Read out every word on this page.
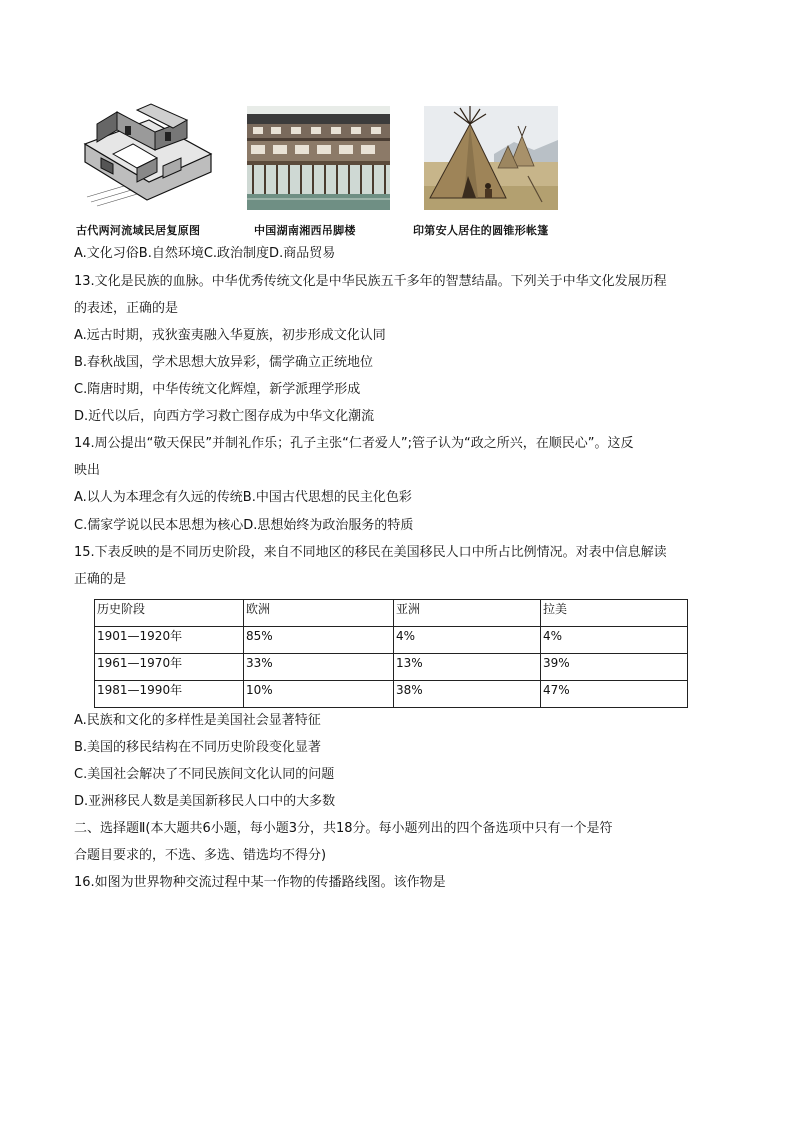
古代两河流域民居复原图	中国湖南湘西吊脚楼	印第安人居住的圆锥形帐篷
A.文化习俗B.自然环境C.政治制度D.商品贸易
13.文化是民族的血脉。中华优秀传统文化是中华民族五千多年的智慧结晶。下列关于中华文化发展历程
的表述，正确的是
A.远古时期，戎狄蛮夷融入华夏族，初步形成文化认同
B.春秋战国，学术思想大放异彩，儒学确立正统地位
C.隋唐时期，中华传统文化辉煌，新学派理学形成
D.近代以后，向西方学习救亡图存成为中华文化潮流
14.周公提出“敬天保民”并制礼作乐；孔子主张“仁者爱人”;管子认为“政之所兴，在顺民心”。这反
映出
A.以人为本理念有久远的传统B.中国古代思想的民主化色彩
C.儒家学说以民本思想为核心D.思想始终为政治服务的特质
15.下表反映的是不同历史阶段，来自不同地区的移民在美国移民人口中所占比例情况。对表中信息解读
正确的是
历史阶段	欧洲	亚洲	拉美
1901—1920年	85%	4%	4%
1961—1970年	33%	13%	39%
1981—1990年	10%	38%	47%
A.民族和文化的多样性是美国社会显著特征
B.美国的移民结构在不同历史阶段变化显著
C.美国社会解决了不同民族间文化认同的问题
D.亚洲移民人数是美国新移民人口中的大多数
二、选择题Ⅱ(本大题共6小题，每小题3分，共18分。每小题列出的四个备选项中只有一个是符
合题目要求的，不选、多选、错选均不得分)
16.如图为世界物种交流过程中某一作物的传播路线图。该作物是
